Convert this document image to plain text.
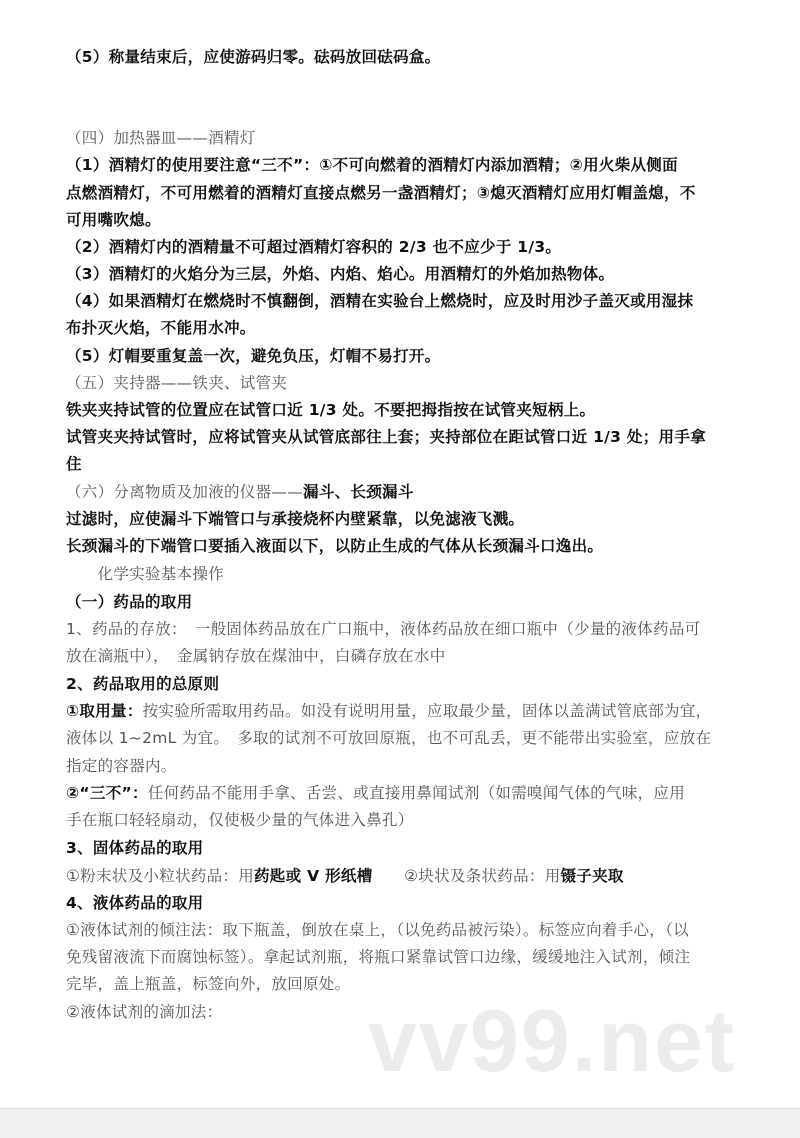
（5）称量结束后，应使游码归零。砝码放回砝码盒。
（四）加热器皿——酒精灯
（1）酒精灯的使用要注意“三不”：①不可向燃着的酒精灯内添加酒精；②用火柴从侧面
点燃酒精灯，不可用燃着的酒精灯直接点燃另一盏酒精灯；③熄灭酒精灯应用灯帽盖熄，不
可用嘴吹熄。
（2）酒精灯内的酒精量不可超过酒精灯容积的 2/3 也不应少于 1/3。
（3）酒精灯的火焰分为三层，外焰、内焰、焰心。用酒精灯的外焰加热物体。
（4）如果酒精灯在燃烧时不慎翻倒，酒精在实验台上燃烧时，应及时用沙子盖灭或用湿抹
布扑灭火焰，不能用水冲。
（5）灯帽要重复盖一次，避免负压，灯帽不易打开。
（五）夹持器——铁夹、试管夹
铁夹夹持试管的位置应在试管口近 1/3 处。不要把拇指按在试管夹短柄上。
试管夹夹持试管时，应将试管夹从试管底部往上套；夹持部位在距试管口近 1/3 处；用手拿
住
（六）分离物质及加液的仪器——漏斗、长颈漏斗
过滤时，应使漏斗下端管口与承接烧杯内壁紧靠，以免滤液飞溅。
长颈漏斗的下端管口要插入液面以下，以防止生成的气体从长颈漏斗口逸出。
　　化学实验基本操作
（一）药品的取用
1、药品的存放：　一般固体药品放在广口瓶中，液体药品放在细口瓶中（少量的液体药品可
放在滴瓶中），　金属钠存放在煤油中，白磷存放在水中
2、药品取用的总原则
①取用量：按实验所需取用药品。如没有说明用量，应取最少量，固体以盖满试管底部为宜，
液体以 1~2mL 为宜。　多取的试剂不可放回原瓶，也不可乱丢，更不能带出实验室，应放在
指定的容器内。
②“三不”：任何药品不能用手拿、舌尝、或直接用鼻闻试剂（如需嗅闻气体的气味，应用
手在瓶口轻轻扇动，仅使极少量的气体进入鼻孔）
3、固体药品的取用
①粉末状及小粒状药品：用药匙或 V 形纸槽　　②块状及条状药品：用镊子夹取
4、液体药品的取用
①液体试剂的倾注法：取下瓶盖，倒放在桌上，（以免药品被污染）。标签应向着手心，（以
免残留液流下而腐蚀标签）。拿起试剂瓶，将瓶口紧靠试管口边缘，缓缓地注入试剂，倾注
完毕，盖上瓶盖，标签向外，放回原处。
②液体试剂的滴加法： vv99.net
